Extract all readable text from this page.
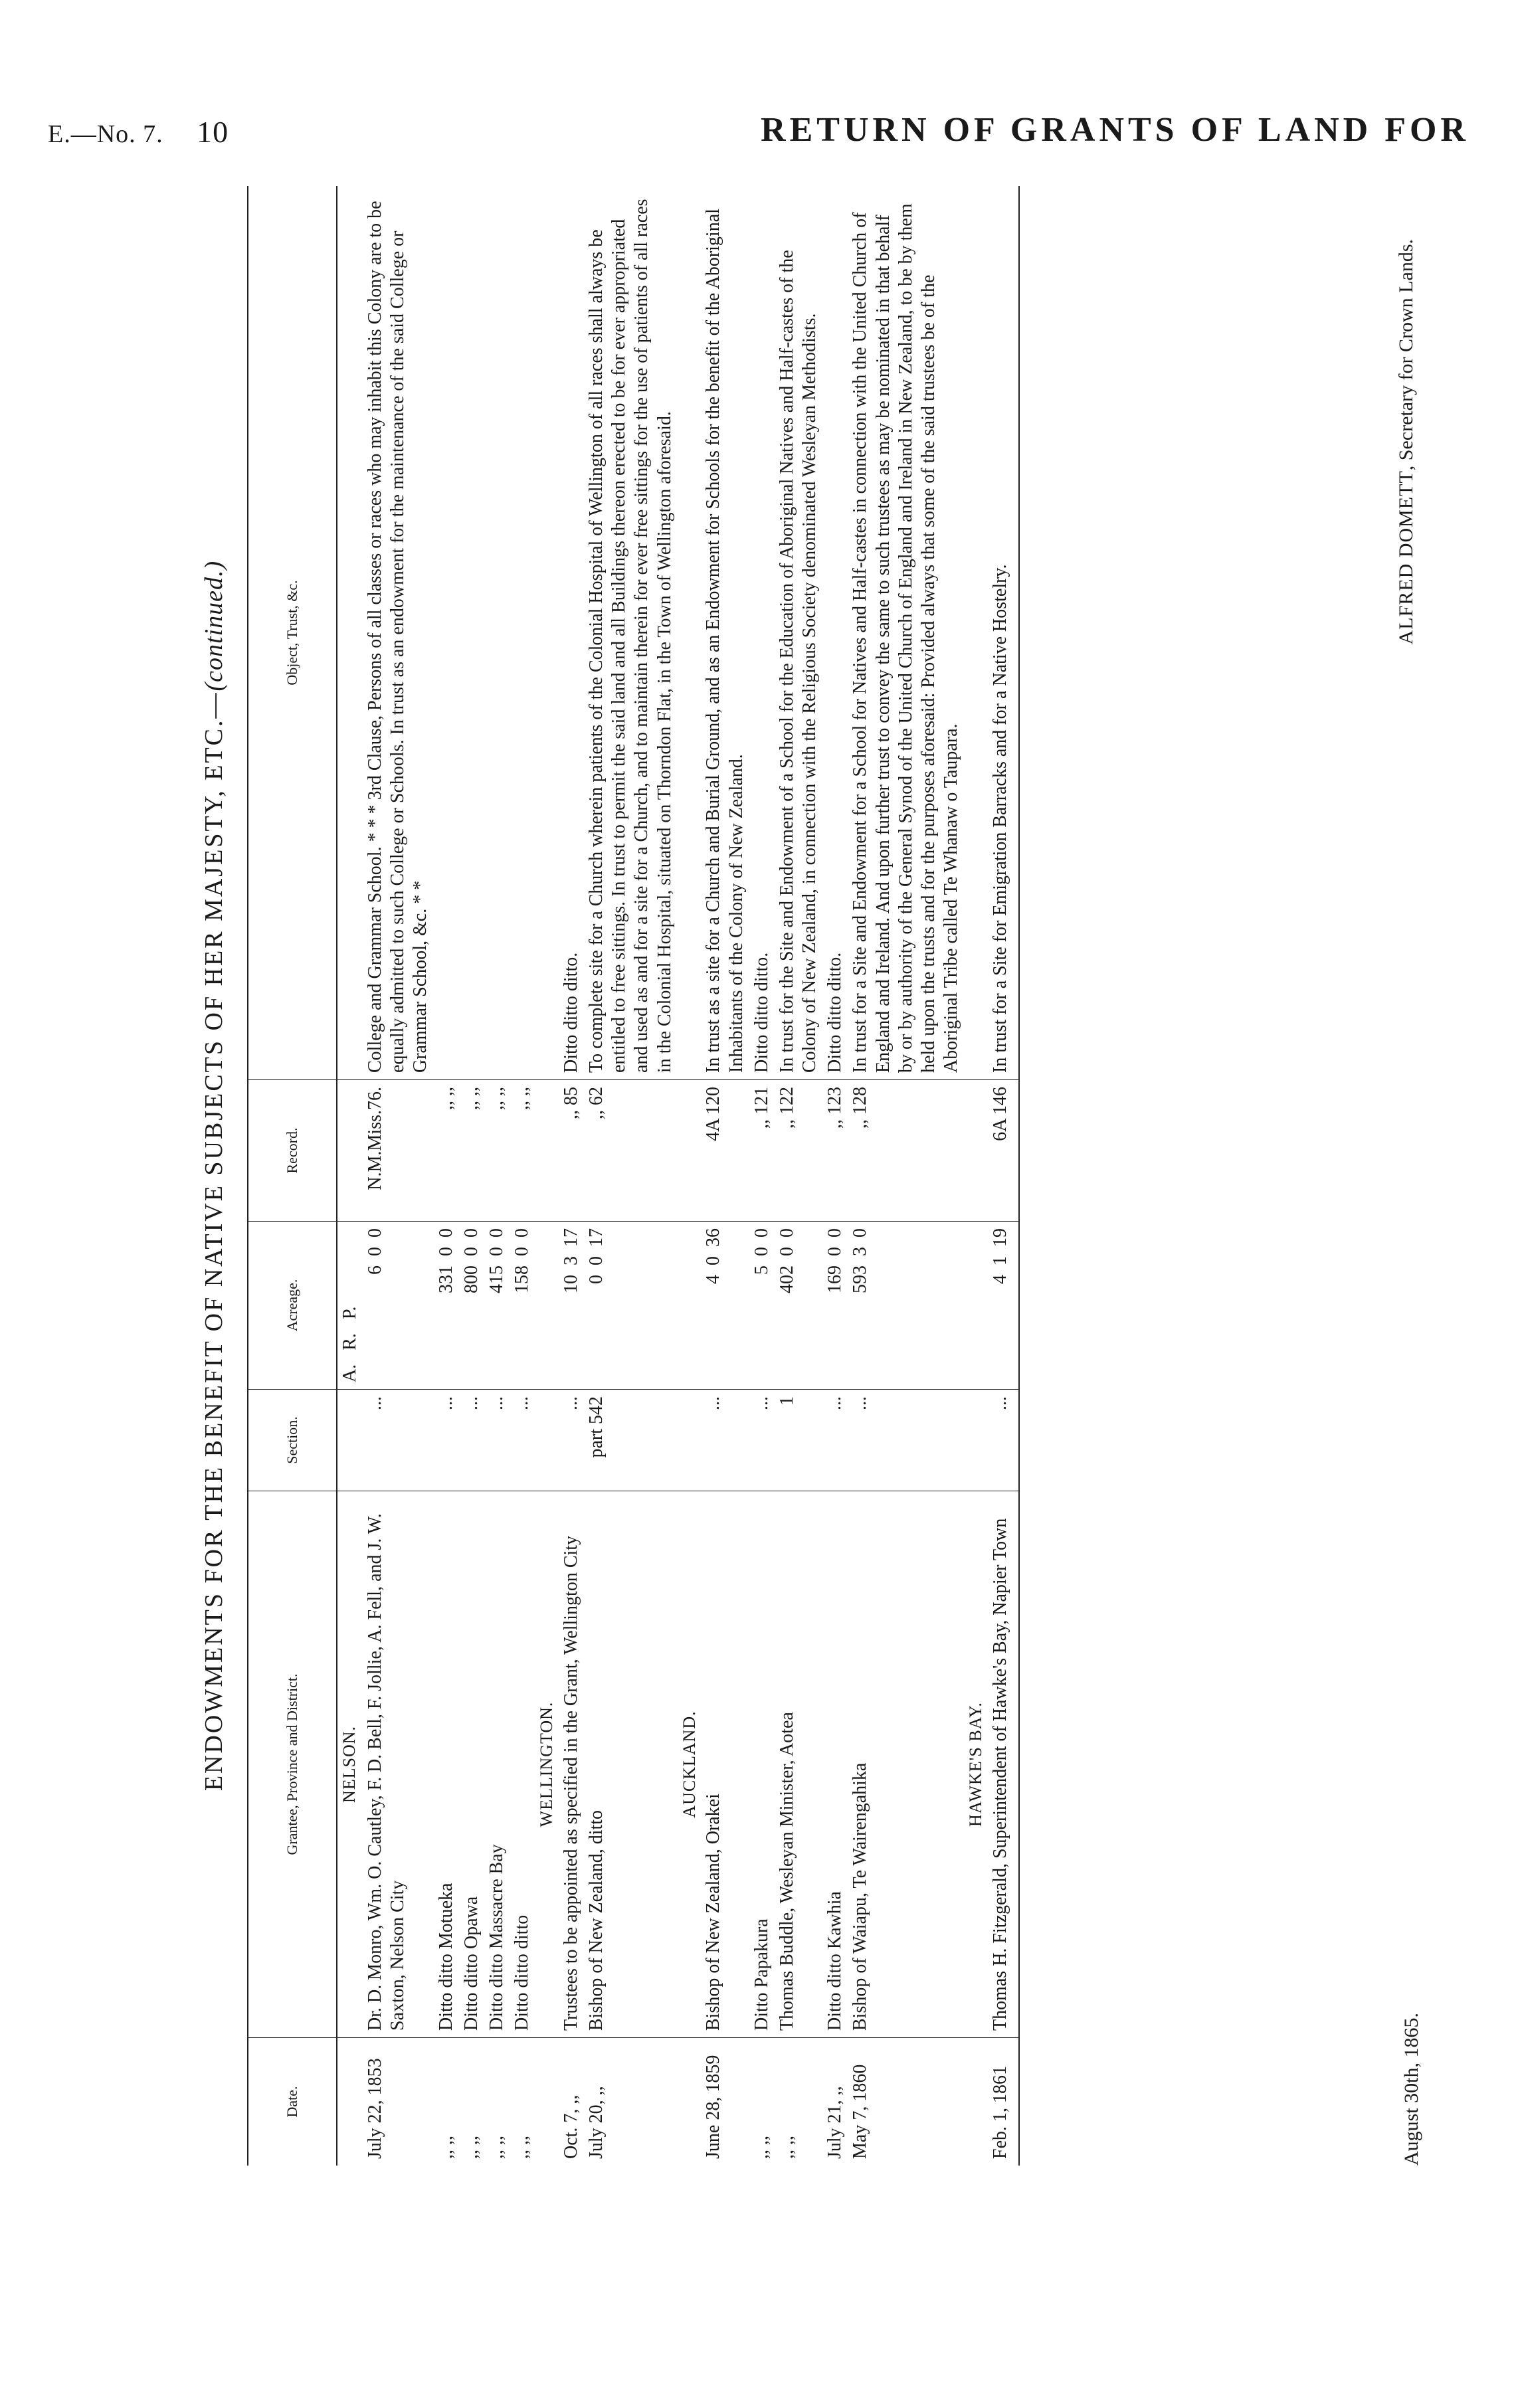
E.—No. 7. 10	RETURN OF GRANTS OF LAND FOR
ENDOWMENTS FOR THE BENEFIT OF NATIVE SUBJECTS OF HER MAJESTY, ETC.—(continued.)
Date.	Grantee, Province and District.	Section.	Acreage.	Record.	Object, Trust, &c.

	NELSON.		A.   R.   P.		
July 22, 1853	Dr. D. Monro, Wm. O. Cautley, F. D. Bell, F. Jollie, A. Fell, and J. W. Saxton, Nelson City	...	6  0  0	N.M.Miss.76.	College and Grammar School. * * * 3rd Clause, Persons of all classes or races who may inhabit this Colony are to be equally admitted to such College or Schools. In trust as an endowment for the maintenance of the said College or Grammar School, &c. * *
,, ,,	Ditto ditto Motueka	...	331  0  0	,, ,,	
,, ,,	Ditto ditto Opawa	...	800  0  0	,, ,,	
,, ,,	Ditto ditto Massacre Bay	...	415  0  0	,, ,,	
,, ,,	Ditto ditto ditto	...	158  0  0	,, ,,	

	WELLINGTON.				

Oct. 7, ,,	Trustees to be appointed as specified in the Grant, Wellington City	...	10  3  17	,, 85	Ditto ditto ditto.
July 20, ,,	Bishop of New Zealand, ditto	part 542	0  0  17	,, 62	To complete site for a Church wherein patients of the Colonial Hospital of Wellington of all races shall always be entitled to free sittings. In trust to permit the said land and all Buildings thereon erected to be for ever appropriated and used as and for a site for a Church, and to maintain therein for ever free sittings for the use of patients of all races in the Colonial Hospital, situated on Thorndon Flat, in the Town of Wellington aforesaid.

	AUCKLAND.				

June 28, 1859	Bishop of New Zealand, Orakei	...	4  0  36	4A 120	In trust as a site for a Church and Burial Ground, and as an Endowment for Schools for the benefit of the Aboriginal Inhabitants of the Colony of New Zealand.
,, ,,	Ditto Papakura	...	5  0  0	,, 121	Ditto ditto ditto.
,, ,,	Thomas Buddle, Wesleyan Minister, Aotea	1	402  0  0	,, 122	In trust for the Site and Endowment of a School for the Education of Aboriginal Natives and Half-castes of the Colony of New Zealand, in connection with the Religious Society denominated Wesleyan Methodists.
July 21, ,,	Ditto ditto Kawhia	...	169  0  0	,, 123	Ditto ditto ditto.
May 7, 1860	Bishop of Waiapu, Te Wairengahika	...	593  3  0	,, 128	In trust for a Site and Endowment for a School for Natives and Half-castes in connection with the United Church of England and Ireland. And upon further trust to convey the same to such trustees as may be nominated in that behalf by or by authority of the General Synod of the United Church of England and Ireland in New Zealand, to be by them held upon the trusts and for the purposes aforesaid: Provided always that some of the said trustees be of the Aboriginal Tribe called Te Whanaw o Taupara.

	HAWKE'S BAY.				

Feb. 1, 1861	Thomas H. Fitzgerald, Superintendent of Hawke's Bay, Napier Town	...	4  1  19	6A 146	In trust for a Site for Emigration Barracks and for a Native Hostelry.
August 30th, 1865.
ALFRED DOMETT, Secretary for Crown Lands.
